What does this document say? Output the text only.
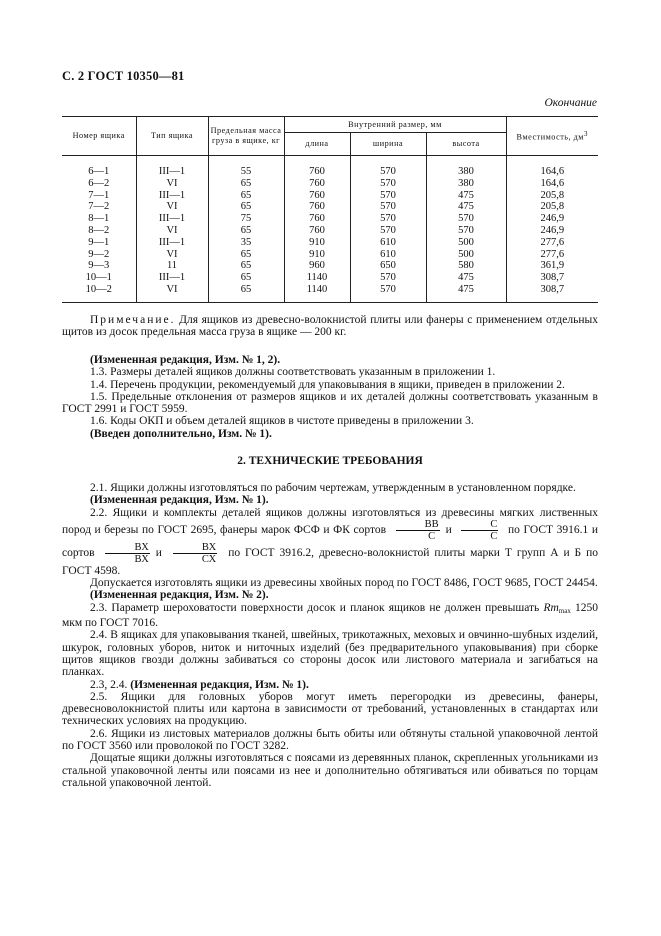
С. 2 ГОСТ 10350—81
Окончание
Номер ящика	Тип ящика	Предельная масса груза в ящике, кг	Внутренний размер, мм			Вместимость, $дм^3$
			длина	ширина	высота	
6—1	III—1	55	760	570	380	164,6
6—2	VI	65	760	570	380	164,6
7—1	III—1	65	760	570	475	205,8
7—2	VI	65	760	570	475	205,8
8—1	III—1	75	760	570	570	246,9
8—2	VI	65	760	570	570	246,9
9—1	III—1	35	910	610	500	277,6
9—2	VI	65	910	610	500	277,6
9—3	11	65	960	650	580	361,9
10—1	III—1	65	1140	570	475	308,7
10—2	VI	65	1140	570	475	308,7

Примечание. Для ящиков из древесно-волокнистой плиты или фанеры с применением отдельных щитов из досок предельная масса груза в ящике — 200 кг.

(Измененная редакция, Изм. № 1, 2).

1.3. Размеры деталей ящиков должны соответствовать указанным в приложении 1.

1.4. Перечень продукции, рекомендуемый для упаковывания в ящики, приведен в приложении 2.

1.5. Предельные отклонения от размеров ящиков и их деталей должны соответствовать указанным в ГОСТ 2991 и ГОСТ 5959.

1.6. Коды ОКП и объем деталей ящиков в чистоте приведены в приложении 3.

(Введен дополнительно, Изм. № 1).

2. ТЕХНИЧЕСКИЕ ТРЕБОВАНИЯ

2.1. Ящики должны изготовляться по рабочим чертежам, утвержденным в установленном порядке.

(Измененная редакция, Изм. № 1).

2.2. Ящики и комплекты деталей ящиков должны изготовляться из древесины мягких лиственных пород и березы по ГОСТ 2695, фанеры марок ФСФ и ФК сортов $\frac{ВВ}{С}$ и $\frac{С}{С}$ по ГОСТ 3916.1 и сортов $\frac{ВХ}{ВХ}$ и $\frac{ВХ}{СХ}$ по ГОСТ 3916.2, древесно-волокнистой плиты марки Т групп А и Б по ГОСТ 4598.

Допускается изготовлять ящики из древесины хвойных пород по ГОСТ 8486, ГОСТ 9685, ГОСТ 24454.

(Измененная редакция, Изм. № 2).

2.3. Параметр шероховатости поверхности досок и планок ящиков не должен превышать $Rm_{max}$ 1250 мкм по ГОСТ 7016.

2.4. В ящиках для упаковывания тканей, швейных, трикотажных, меховых и овчинно-шубных изделий, шкурок, головных уборов, ниток и ниточных изделий (без предварительного упаковывания) при сборке щитов ящиков гвозди должны забиваться со стороны досок или листового материала и загибаться на планках.

2.3, 2.4. (Измененная редакция, Изм. № 1).

2.5. Ящики для головных уборов могут иметь перегородки из древесины, фанеры, древесноволокнистой плиты или картона в зависимости от требований, установленных в стандартах или технических условиях на продукцию.

2.6. Ящики из листовых материалов должны быть обиты или обтянуты стальной упаковочной лентой по ГОСТ 3560 или проволокой по ГОСТ 3282.

Дощатые ящики должны изготовляться с поясами из деревянных планок, скрепленных угольниками из стальной упаковочной ленты или поясами из нее и дополнительно обтягиваться или обиваться по торцам стальной упаковочной лентой.
